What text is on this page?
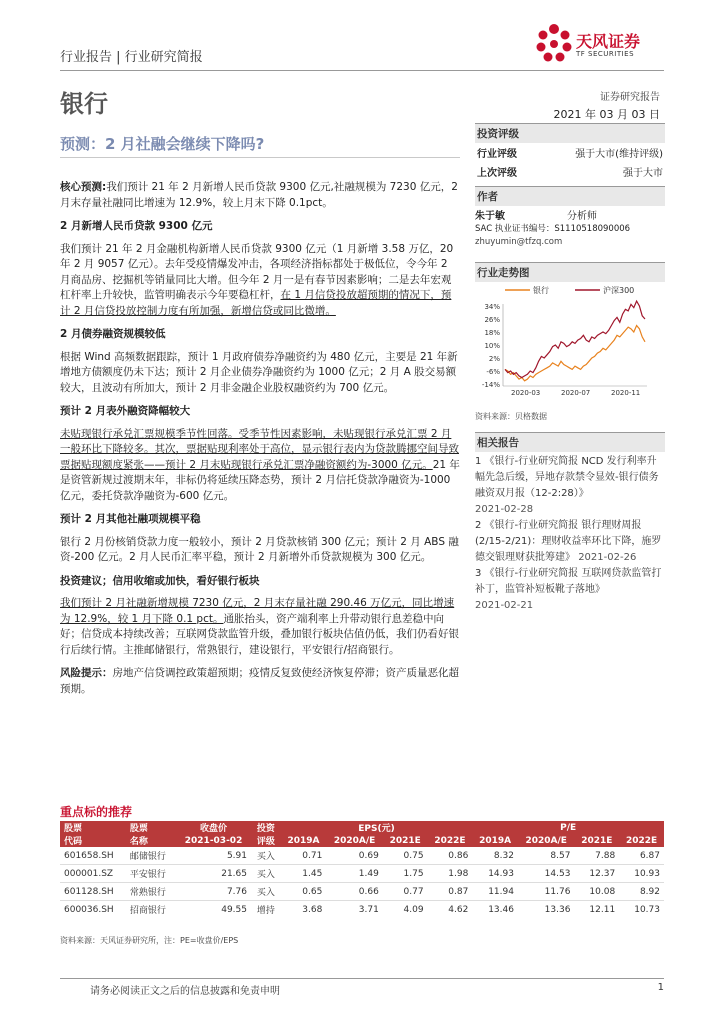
行业报告 | 行业研究简报
天风证券
TF SECURITIES
银行	证券研究报告
2021 年 03 月 03 日
预测：2 月社融会继续下降吗?

核心预测:我们预计 21 年 2 月新增人民币贷款 9300 亿元,社融规模为 7230 亿元，2 月末存量社融同比增速为 12.9%，较上月末下降 0.1pct。

2 月新增人民币贷款 9300 亿元

我们预计 21 年 2 月金融机构新增人民币贷款 9300 亿元（1 月新增 3.58 万亿，20 年 2 月 9057 亿元）。去年受疫情爆发冲击，各项经济指标都处于极低位，令今年 2 月商品房、挖掘机等销量同比大增。但今年 2 月一是有春节因素影响；二是去年宏观杠杆率上升较快，监管明确表示今年要稳杠杆，在 1 月信贷投放超预期的情况下，预计 2 月信贷投放控制力度有所加强，新增信贷或同比微增。

2 月债券融资规模较低

根据 Wind 高频数据跟踪，预计 1 月政府债券净融资约为 480 亿元，主要是 21 年新增地方债额度仍未下达；预计 2 月企业债券净融资约为 1000 亿元；2 月 A 股交易额较大，且波动有所加大，预计 2 月非金融企业股权融资约为 700 亿元。

预计 2 月表外融资降幅较大

未贴现银行承兑汇票规模季节性回落。受季节性因素影响，未贴现银行承兑汇票 2 月一般环比下降较多。其次，票据贴现利率处于高位，显示银行表内为贷款腾挪空间导致票据贴现额度紧张——预计 2 月末贴现银行承兑汇票净融资额约为-3000 亿元。21 年是资管新规过渡期末年，非标仍将延续压降态势，预计 2 月信托贷款净融资为-1000 亿元，委托贷款净融资为-600 亿元。

预计 2 月其他社融项规模平稳

银行 2 月份核销贷款力度一般较小，预计 2 月贷款核销 300 亿元；预计 2 月 ABS 融资-200 亿元。2 月人民币汇率平稳，预计 2 月新增外币贷款规模为 300 亿元。

投资建议；信用收缩或加快，看好银行板块

我们预计 2 月社融新增规模 7230 亿元，2 月末存量社融 290.46 万亿元，同比增速为 12.9%，较 1 月下降 0.1 pct。通胀抬头，资产端利率上升带动银行息差稳中向好；信贷成本持续改善；互联网贷款监管升级，叠加银行板块估值仍低，我们仍看好银行后续行情。主推邮储银行，常熟银行，建设银行，平安银行/招商银行。

风险提示：房地产信贷调控政策超预期；疫情反复致使经济恢复停滞；资产质量恶化超预期。

投资评级
行业评级	强于大市(维持评级)
上次评级	强于大市
作者
朱于敏	分析师
SAC 执业证书编号：S1110518090006
zhuyumin@tfzq.com
行业走势图
银行	沪深300
34%
26%
18%
10%
2%
-6%
-14%
2020-03	2020-07	2020-11
资料来源：贝格数据
相关报告
1 《银行-行业研究简报 NCD 发行利率升幅先急后缓，异地存款禁令显效-银行债务融资双月报（12-2:28）》
2021-02-28
2 《银行-行业研究简报 银行理财周报(2/15-2/21)：理财收益率环比下降，施罗德交银理财获批筹建》 2021-02-26
3 《银行-行业研究简报 互联网贷款监管打补丁，监管补短板靴子落地》
2021-02-21
重点标的推荐
股票	股票	收盘价	投资	EPS(元)				P/E			
代码	名称	2021-03-02	评级	2019A	2020A/E	2021E	2022E	2019A	2020A/E	2021E	2022E
601658.SH	邮储银行	5.91	买入	0.71	0.69	0.75	0.86	8.32	8.57	7.88	6.87
000001.SZ	平安银行	21.65	买入	1.45	1.49	1.75	1.98	14.93	14.53	12.37	10.93
601128.SH	常熟银行	7.76	买入	0.65	0.66	0.77	0.87	11.94	11.76	10.08	8.92
600036.SH	招商银行	49.55	增持	3.68	3.71	4.09	4.62	13.46	13.36	12.11	10.73
资料来源：天风证券研究所，注：PE=收盘价/EPS
请务必阅读正文之后的信息披露和免责申明	1
